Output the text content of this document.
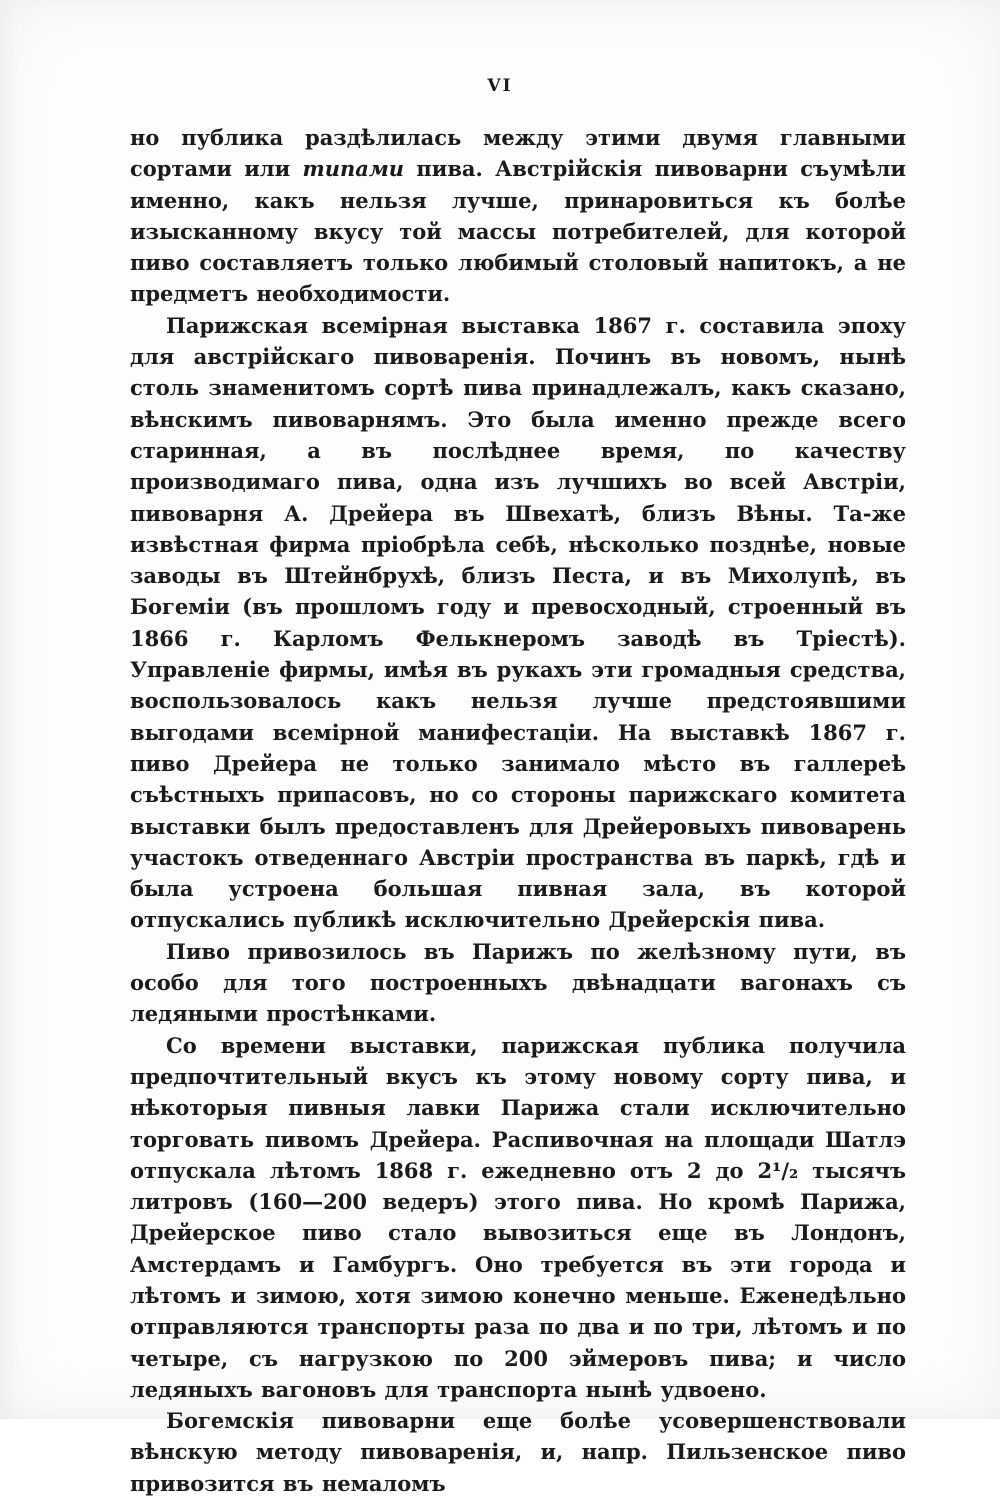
VI

но публика раздѣлилась между этими двумя главными сортами или типами пива. Австрійскія пивоварни съумѣли именно, какъ нельзя лучше, принаровиться къ болѣе изысканному вкусу той массы потребителей, для которой пиво составляетъ только любимый столовый напитокъ, а не предметъ необходимости.

Парижская всемірная выставка 1867 г. составила эпоху для австрійскаго пивоваренія. Починъ въ новомъ, нынѣ столь знаменитомъ сортѣ пива принадлежалъ, какъ сказано, вѣнскимъ пивоварнямъ. Это была именно прежде всего старинная, а въ послѣднее время, по качеству производимаго пива, одна изъ лучшихъ во всей Австріи, пивоварня А. Дрейера въ Швехатѣ, близъ Вѣны. Та-же извѣстная фирма пріобрѣла себѣ, нѣсколько позднѣе, новые заводы въ Штейнбрухѣ, близъ Песта, и въ Михолупѣ, въ Богеміи (въ прошломъ году и превосходный, строенный въ 1866 г. Карломъ Фелькнеромъ заводѣ въ Тріестѣ). Управленіе фирмы, имѣя въ рукахъ эти громадныя средства, воспользовалось какъ нельзя лучше предстоявшими выгодами всемірной манифестаціи. На выставкѣ 1867 г. пиво Дрейера не только занимало мѣсто въ галлереѣ съѣстныхъ припасовъ, но со стороны парижскаго комитета выставки былъ предоставленъ для Дрейеровыхъ пивоварень участокъ отведеннаго Австріи пространства въ паркѣ, гдѣ и была устроена большая пивная зала, въ которой отпускались публикѣ исключительно Дрейерскія пива.

Пиво привозилось въ Парижъ по желѣзному пути, въ особо для того построенныхъ двѣнадцати вагонахъ съ ледяными простѣнками.

Со времени выставки, парижская публика получила предпочтительный вкусъ къ этому новому сорту пива, и нѣкоторыя пивныя лавки Парижа стали исключительно торговать пивомъ Дрейера. Распивочная на площади Шатлэ отпускала лѣтомъ 1868 г. ежедневно отъ 2 до 2¹/₂ тысячъ литровъ (160—200 ведеръ) этого пива. Но кромѣ Парижа, Дрейерское пиво стало вывозиться еще въ Лондонъ, Амстердамъ и Гамбургъ. Оно требуется въ эти города и лѣтомъ и зимою, хотя зимою конечно меньше. Еженедѣльно отправляются транспорты раза по два и по три, лѣтомъ и по четыре, съ нагрузкою по 200 эймеровъ пива; и число ледяныхъ вагоновъ для транспорта нынѣ удвоено.

Богемскія пивоварни еще болѣе усовершенствовали вѣнскую методу пивоваренія, и, напр. Пильзенское пиво привозится въ немаломъ
